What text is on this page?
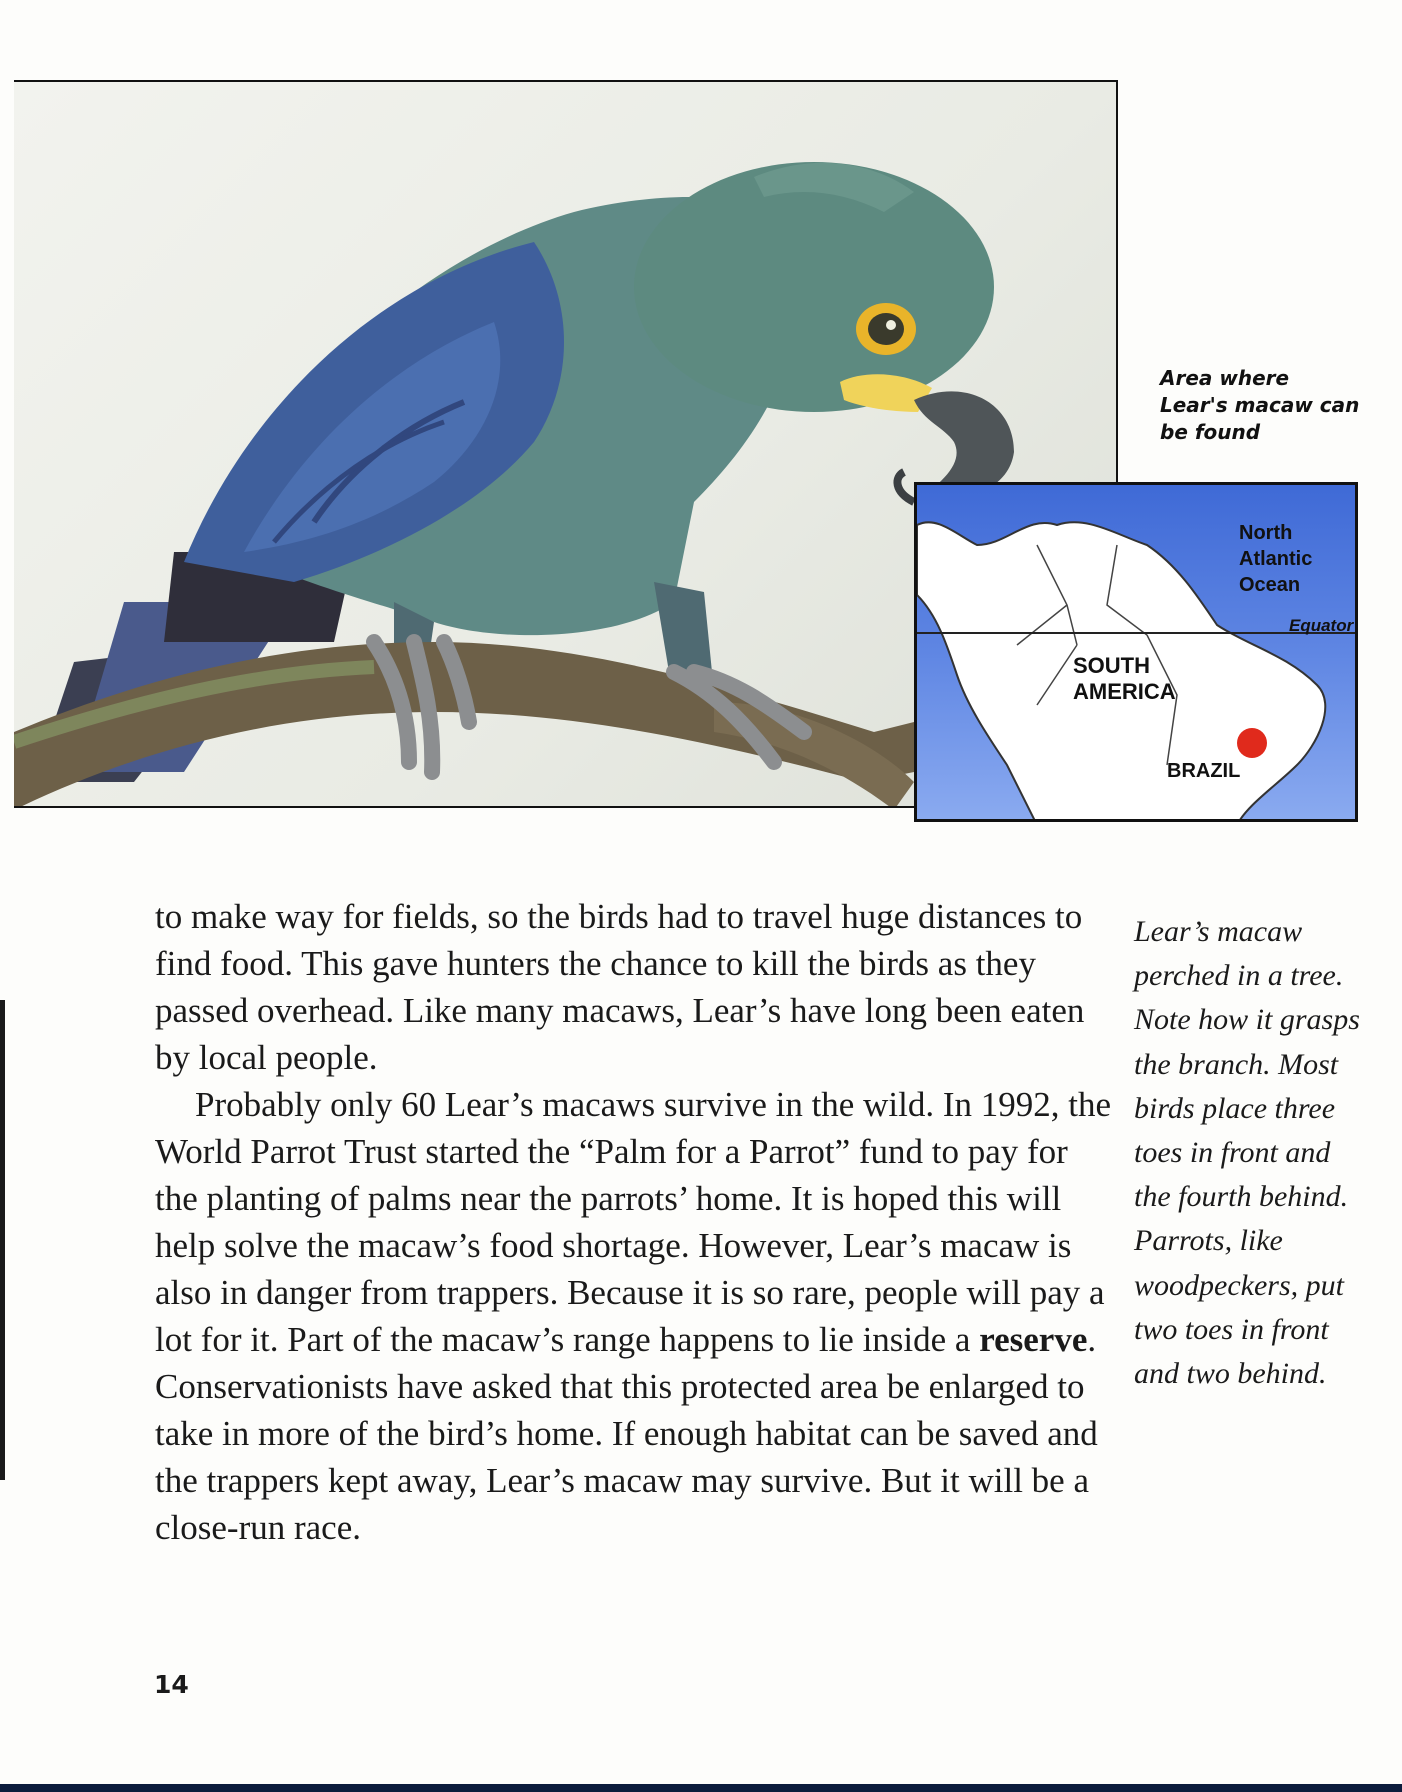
Area where Lear's macaw can be found
North Atlantic Ocean
Equator
SOUTH AMERICA
BRAZIL

to make way for fields, so the birds had to travel huge distances to find food. This gave hunters the chance to kill the birds as they passed overhead. Like many macaws, Lear’s have long been eaten by local people.

Probably only 60 Lear’s macaws survive in the wild. In 1992, the World Parrot Trust started the “Palm for a Parrot” fund to pay for the planting of palms near the parrots’ home. It is hoped this will help solve the macaw’s food shortage. However, Lear’s macaw is also in danger from trappers. Because it is so rare, people will pay a lot for it. Part of the macaw’s range happens to lie inside a reserve. Conservationists have asked that this protected area be enlarged to take in more of the bird’s home. If enough habitat can be saved and the trappers kept away, Lear’s macaw may survive. But it will be a close-run race.

Lear’s macaw perched in a tree. Note how it grasps the branch. Most birds place three toes in front and the fourth behind. Parrots, like woodpeckers, put two toes in front and two behind.
14
